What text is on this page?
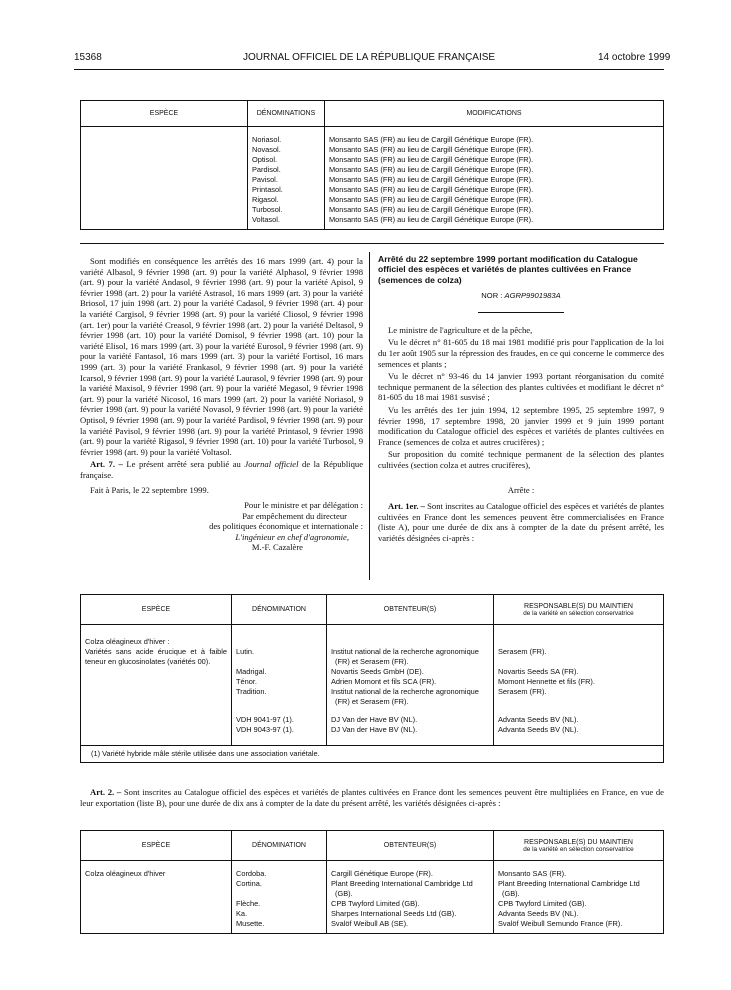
15368	JOURNAL OFFICIEL DE LA RÉPUBLIQUE FRANÇAISE	14 octobre 1999
ESPÈCE	DÉNOMINATIONS	MODIFICATIONS

	Noriasol.	Monsanto SAS (FR) au lieu de Cargill Génétique Europe (FR).
	Novasol.	Monsanto SAS (FR) au lieu de Cargill Génétique Europe (FR).
	Optisol.	Monsanto SAS (FR) au lieu de Cargill Génétique Europe (FR).
	Pardisol.	Monsanto SAS (FR) au lieu de Cargill Génétique Europe (FR).
	Pavisol.	Monsanto SAS (FR) au lieu de Cargill Génétique Europe (FR).
	Printasol.	Monsanto SAS (FR) au lieu de Cargill Génétique Europe (FR).
	Rigasol.	Monsanto SAS (FR) au lieu de Cargill Génétique Europe (FR).
	Turbosol.	Monsanto SAS (FR) au lieu de Cargill Génétique Europe (FR).
	Voltasol.	Monsanto SAS (FR) au lieu de Cargill Génétique Europe (FR).

Sont modifiés en conséquence les arrêtés des 16 mars 1999 (art. 4) pour la variété Albasol, 9 février 1998 (art. 9) pour la variété Alphasol, 9 février 1998 (art. 9) pour la variété Andasol, 9 février 1998 (art. 9) pour la variété Apisol, 9 février 1998 (art. 2) pour la variété Astrasol, 16 mars 1999 (art. 3) pour la variété Briosol, 17 juin 1998 (art. 2) pour la variété Cadasol, 9 février 1998 (art. 4) pour la variété Cargisol, 9 février 1998 (art. 9) pour la variété Cliosol, 9 février 1998 (art. 1er) pour la variété Creasol, 9 février 1998 (art. 2) pour la variété Deltasol, 9 février 1998 (art. 10) pour la variété Domisol, 9 février 1998 (art. 10) pour la variété Elisol, 16 mars 1999 (art. 3) pour la variété Eurosol, 9 février 1998 (art. 9) pour la variété Fantasol, 16 mars 1999 (art. 3) pour la variété Fortisol, 16 mars 1999 (art. 3) pour la variété Frankasol, 9 février 1998 (art. 9) pour la variété Icarsol, 9 février 1998 (art. 9) pour la variété Laurasol, 9 février 1998 (art. 9) pour la variété Maxisol, 9 février 1998 (art. 9) pour la variété Megasol, 9 février 1998 (art. 9) pour la variété Nicosol, 16 mars 1999 (art. 2) pour la variété Noriasol, 9 février 1998 (art. 9) pour la variété Novasol, 9 février 1998 (art. 9) pour la variété Optisol, 9 février 1998 (art. 9) pour la variété Pardisol, 9 février 1998 (art. 9) pour la variété Pavisol, 9 février 1998 (art. 9) pour la variété Printasol, 9 février 1998 (art. 9) pour la variété Rigasol, 9 février 1998 (art. 10) pour la variété Turbosol, 9 février 1998 (art. 9) pour la variété Voltasol.

Art. 7. – Le présent arrêté sera publié au Journal officiel de la République française.

Fait à Paris, le 22 septembre 1999.

Pour le ministre et par délégation :

Par empêchement du directeur

des politiques économique et internationale :

L'ingénieur en chef d'agronomie,

M.-F. Cazalère

Arrêté du 22 septembre 1999 portant modification du Catalogue officiel des espèces et variétés de plantes cultivées en France (semences de colza)

NOR : AGRP9901983A

Le ministre de l'agriculture et de la pêche,

Vu le décret n° 81-605 du 18 mai 1981 modifié pris pour l'application de la loi du 1er août 1905 sur la répression des fraudes, en ce qui concerne le commerce des semences et plants ;

Vu le décret n° 93-46 du 14 janvier 1993 portant réorganisation du comité technique permanent de la sélection des plantes cultivées et modifiant le décret n° 81-605 du 18 mai 1981 susvisé ;

Vu les arrêtés des 1er juin 1994, 12 septembre 1995, 25 septembre 1997, 9 février 1998, 17 septembre 1998, 20 janvier 1999 et 9 juin 1999 portant modification du Catalogue officiel des espèces et variétés de plantes cultivées en France (semences de colza et autres crucifères) ;

Sur proposition du comité technique permanent de la sélection des plantes cultivées (section colza et autres crucifères),

Arrête :

Art. 1er. – Sont inscrites au Catalogue officiel des espèces et variétés de plantes cultivées en France dont les semences peuvent être commercialisées en France (liste A), pour une durée de dix ans à compter de la date du présent arrêté, les variétés désignées ci-après :

ESPÈCE	DÉNOMINATION	OBTENTEUR(S)	RESPONSABLE(S) DU MAINTIEN
de la variété en sélection conservatrice

Colza oléagineux d'hiver :			
Variétés sans acide érucique et à faible teneur en glucosinolates (variétés 00).	Lutin.	Institut national de la recherche agronomique (FR) et Serasem (FR).	Serasem (FR).
	Madrigal.	Novartis Seeds GmbH (DE).	Novartis Seeds SA (FR).
	Ténor.	Adrien Momont et fils SCA (FR).	Momont Hennette et fils (FR).
	Tradition.	Institut national de la recherche agronomique (FR) et Serasem (FR).	Serasem (FR).
	VDH 9041-97 (1).	DJ Van der Have BV (NL).	Advanta Seeds BV (NL).
	VDH 9043-97 (1).	DJ Van der Have BV (NL).	Advanta Seeds BV (NL).

(1) Variété hybride mâle stérile utilisée dans une association variétale.			

Art. 2. – Sont inscrites au Catalogue officiel des espèces et variétés de plantes cultivées en France dont les semences peuvent être multipliées en France, en vue de leur exportation (liste B), pour une durée de dix ans à compter de la date du présent arrêté, les variétés désignées ci-après :

ESPÈCE	DÉNOMINATION	OBTENTEUR(S)	RESPONSABLE(S) DU MAINTIEN
de la variété en sélection conservatrice

Colza oléagineux d'hiver	Cordoba.	Cargill Génétique Europe (FR).	Monsanto SAS (FR).
	Cortina.	Plant Breeding International Cambridge Ltd (GB).	Plant Breeding International Cambridge Ltd (GB).
	Flèche.	CPB Twyford Limited (GB).	CPB Twyford Limited (GB).
	Ka.	Sharpes International Seeds Ltd (GB).	Advanta Seeds BV (NL).
	Musette.	Svalöf Weibull AB (SE).	Svalöf Weibull Semundo France (FR).
